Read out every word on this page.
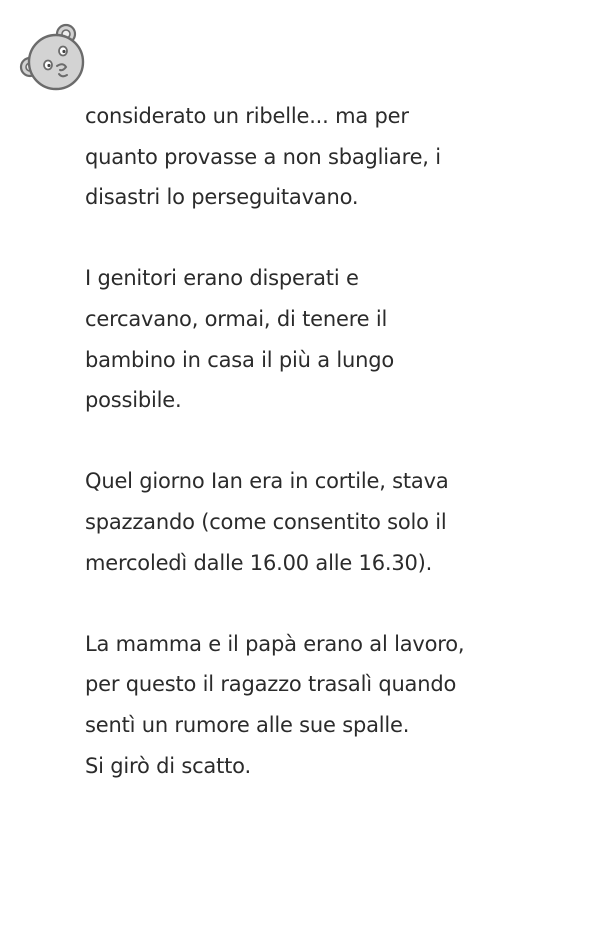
considerato un ribelle... ma per
quanto provasse a non sbagliare, i
disastri lo perseguitavano.
I genitori erano disperati e
cercavano, ormai, di tenere il
bambino in casa il più a lungo
possibile.
Quel giorno Ian era in cortile, stava
spazzando (come consentito solo il
mercoledì dalle 16.00 alle 16.30).
La mamma e il papà erano al lavoro,
per questo il ragazzo trasalì quando
sentì un rumore alle sue spalle.
Si girò di scatto.
